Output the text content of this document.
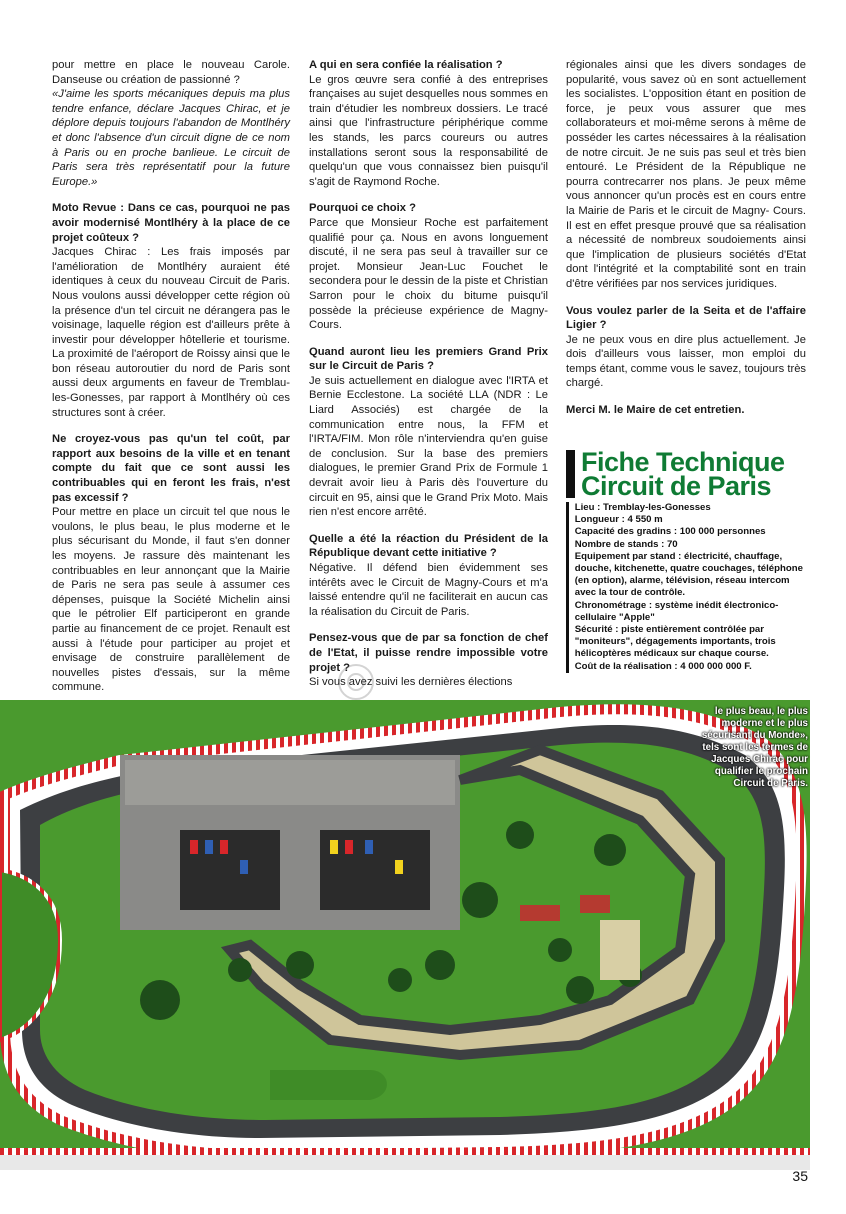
pour mettre en place le nouveau Carole. Danseuse ou création de passionné ?

«J'aime les sports mécaniques depuis ma plus tendre enfance, déclare Jacques Chirac, et je déplore depuis toujours l'abandon de Montlhéry et donc l'absence d'un circuit digne de ce nom à Paris ou en proche banlieue. Le circuit de Paris sera très représentatif pour la future Europe.»

Moto Revue : Dans ce cas, pourquoi ne pas avoir modernisé Montlhéry à la place de ce projet coûteux ?

Jacques Chirac : Les frais imposés par l'amélioration de Montlhéry auraient été identiques à ceux du nouveau Circuit de Paris. Nous voulons aussi développer cette région où la présence d'un tel circuit ne dérangera pas le voisinage, laquelle région est d'ailleurs prête à investir pour développer hôtellerie et tourisme. La proximité de l'aéroport de Roissy ainsi que le bon réseau autoroutier du nord de Paris sont aussi deux arguments en faveur de Tremblau-les-Gonesses, par rapport à Montlhéry où ces structures sont à créer.

Ne croyez-vous pas qu'un tel coût, par rapport aux besoins de la ville et en tenant compte du fait que ce sont aussi les contribuables qui en feront les frais, n'est pas excessif ?

Pour mettre en place un circuit tel que nous le voulons, le plus beau, le plus moderne et le plus sécurisant du Monde, il faut s'en donner les moyens. Je rassure dès maintenant les contribuables en leur annonçant que la Mairie de Paris ne sera pas seule à assumer ces dépenses, puisque la Société Michelin ainsi que le pétrolier Elf participeront en grande partie au financement de ce projet. Renault est aussi à l'étude pour participer au projet et envisage de construire parallèlement de nouvelles pistes d'essais, sur la même commune.

A qui en sera confiée la réalisation ?

Le gros œuvre sera confié à des entreprises françaises au sujet desquelles nous sommes en train d'étudier les nombreux dossiers. Le tracé ainsi que l'infrastructure périphérique comme les stands, les parcs coureurs ou autres installations seront sous la responsabilité de quelqu'un que vous connaissez bien puisqu'il s'agit de Raymond Roche.

Pourquoi ce choix ?

Parce que Monsieur Roche est parfaitement qualifié pour ça. Nous en avons longuement discuté, il ne sera pas seul à travailler sur ce projet. Monsieur Jean-Luc Fouchet le secondera pour le dessin de la piste et Christian Sarron pour le choix du bitume puisqu'il possède la précieuse expérience de Magny-Cours.

Quand auront lieu les premiers Grand Prix sur le Circuit de Paris ?

Je suis actuellement en dialogue avec l'IRTA et Bernie Ecclestone. La société LLA (NDR : Le Liard Associés) est chargée de la communication entre nous, la FFM et l'IRTA/FIM. Mon rôle n'interviendra qu'en guise de conclusion. Sur la base des premiers dialogues, le premier Grand Prix de Formule 1 devrait avoir lieu à Paris dès l'ouverture du circuit en 95, ainsi que le Grand Prix Moto. Mais rien n'est encore arrêté.

Quelle a été la réaction du Président de la République devant cette initiative ?

Négative. Il défend bien évidemment ses intérêts avec le Circuit de Magny-Cours et m'a laissé entendre qu'il ne faciliterait en aucun cas la réalisation du Circuit de Paris.

Pensez-vous que de par sa fonction de chef de l'Etat, il puisse rendre impossible votre projet ?

Si vous avez suivi les dernières élections

régionales ainsi que les divers sondages de popularité, vous savez où en sont actuellement les socialistes. L'opposition étant en position de force, je peux vous assurer que mes collaborateurs et moi-même serons à même de posséder les cartes nécessaires à la réalisation de notre circuit. Je ne suis pas seul et très bien entouré. Le Président de la République ne pourra contrecarrer nos plans. Je peux même vous annoncer qu'un procès est en cours entre la Mairie de Paris et le circuit de Magny- Cours. Il est en effet presque prouvé que sa réalisation a nécessité de nombreux soudoiements ainsi que l'implication de plusieurs sociétés d'Etat dont l'intégrité et la comptabilité sont en train d'être vérifiées par nos services juridiques.

Vous voulez parler de la Seita et de l'affaire Ligier ?

Je ne peux vous en dire plus actuellement. Je dois d'ailleurs vous laisser, mon emploi du temps étant, comme vous le savez, toujours très chargé.

Merci M. le Maire de cet entretien.

Fiche Technique
Circuit de Paris
Lieu : Tremblay-les-Gonesses
Longueur : 4 550 m
Capacité des gradins : 100 000 personnes
Nombre de stands : 70
Equipement par stand : électricité, chauffage, douche, kitchenette, quatre couchages, téléphone (en option), alarme, télévision, réseau intercom avec la tour de contrôle.
Chronométrage : système inédit électronico-cellulaire "Apple"
Sécurité : piste entièrement contrôlée par "moniteurs", dégagements importants, trois hélicoptères médicaux sur chaque course.
Coût de la réalisation : 4 000 000 000 F.
le plus beau, le plus moderne et le plus sécurisant du Monde», tels sont les termes de Jacques Chirac pour qualifier le prochain Circuit de Paris.
35
